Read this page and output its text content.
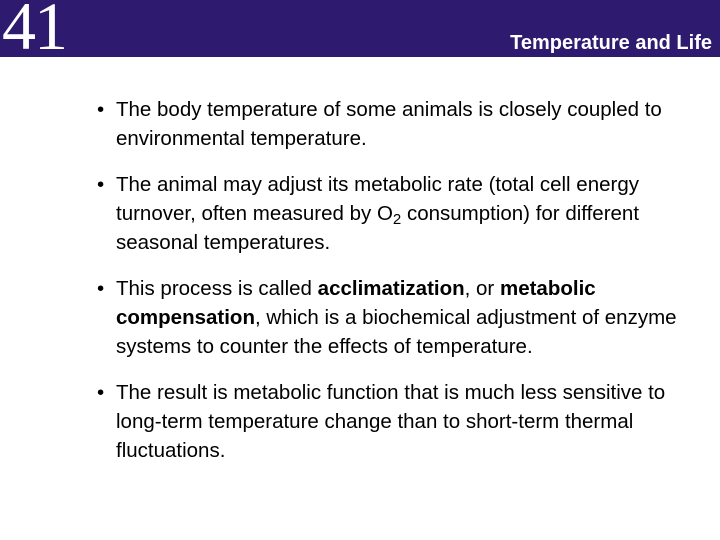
41	Temperature and Life
• The body temperature of some animals is closely coupled to environmental temperature.
• The animal may adjust its metabolic rate (total cell energy turnover, often measured by $O_2$ consumption) for different seasonal temperatures.
• This process is called acclimatization, or metabolic compensation, which is a biochemical adjustment of enzyme systems to counter the effects of temperature.
• The result is metabolic function that is much less sensitive to long-term temperature change than to short-term thermal fluctuations.
